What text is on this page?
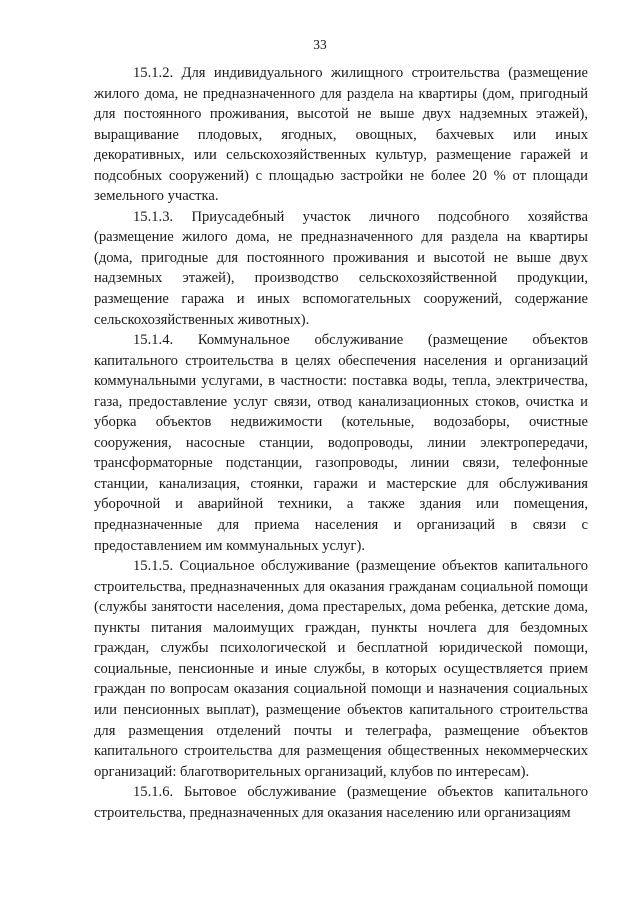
33

15.1.2. Для индивидуального жилищного строительства (размещение жилого дома, не предназначенного для раздела на квартиры (дом, пригодный для постоянного проживания, высотой не выше двух надземных этажей), выращивание плодовых, ягодных, овощных, бахчевых или иных декоративных, или сельскохозяйственных культур, размещение гаражей и подсобных сооружений) с площадью застройки не более 20 % от площади земельного участка.

15.1.3. Приусадебный участок личного подсобного хозяйства (размещение жилого дома, не предназначенного для раздела на квартиры (дома, пригодные для постоянного проживания и высотой не выше двух надземных этажей), производство сельскохозяйственной продукции, размещение гаража и иных вспомогательных сооружений, содержание сельскохозяйственных животных).

15.1.4. Коммунальное обслуживание (размещение объектов капитального строительства в целях обеспечения населения и организаций коммунальными услугами, в частности: поставка воды, тепла, электричества, газа, предоставление услуг связи, отвод канализационных стоков, очистка и уборка объектов недвижимости (котельные, водозаборы, очистные сооружения, насосные станции, водопроводы, линии электропередачи, трансформаторные подстанции, газопроводы, линии связи, телефонные станции, канализация, стоянки, гаражи и мастерские для обслуживания уборочной и аварийной техники, а также здания или помещения, предназначенные для приема населения и организаций в связи с предоставлением им коммунальных услуг).

15.1.5. Социальное обслуживание (размещение объектов капитального строительства, предназначенных для оказания гражданам социальной помощи (службы занятости населения, дома престарелых, дома ребенка, детские дома, пункты питания малоимущих граждан, пункты ночлега для бездомных граждан, службы психологической и бесплатной юридической помощи, социальные, пенсионные и иные службы, в которых осуществляется прием граждан по вопросам оказания социальной помощи и назначения социальных или пенсионных выплат), размещение объектов капитального строительства для размещения отделений почты и телеграфа, размещение объектов капитального строительства для размещения общественных некоммерческих организаций: благотворительных организаций, клубов по интересам).

15.1.6. Бытовое обслуживание (размещение объектов капитального строительства, предназначенных для оказания населению или организациям
